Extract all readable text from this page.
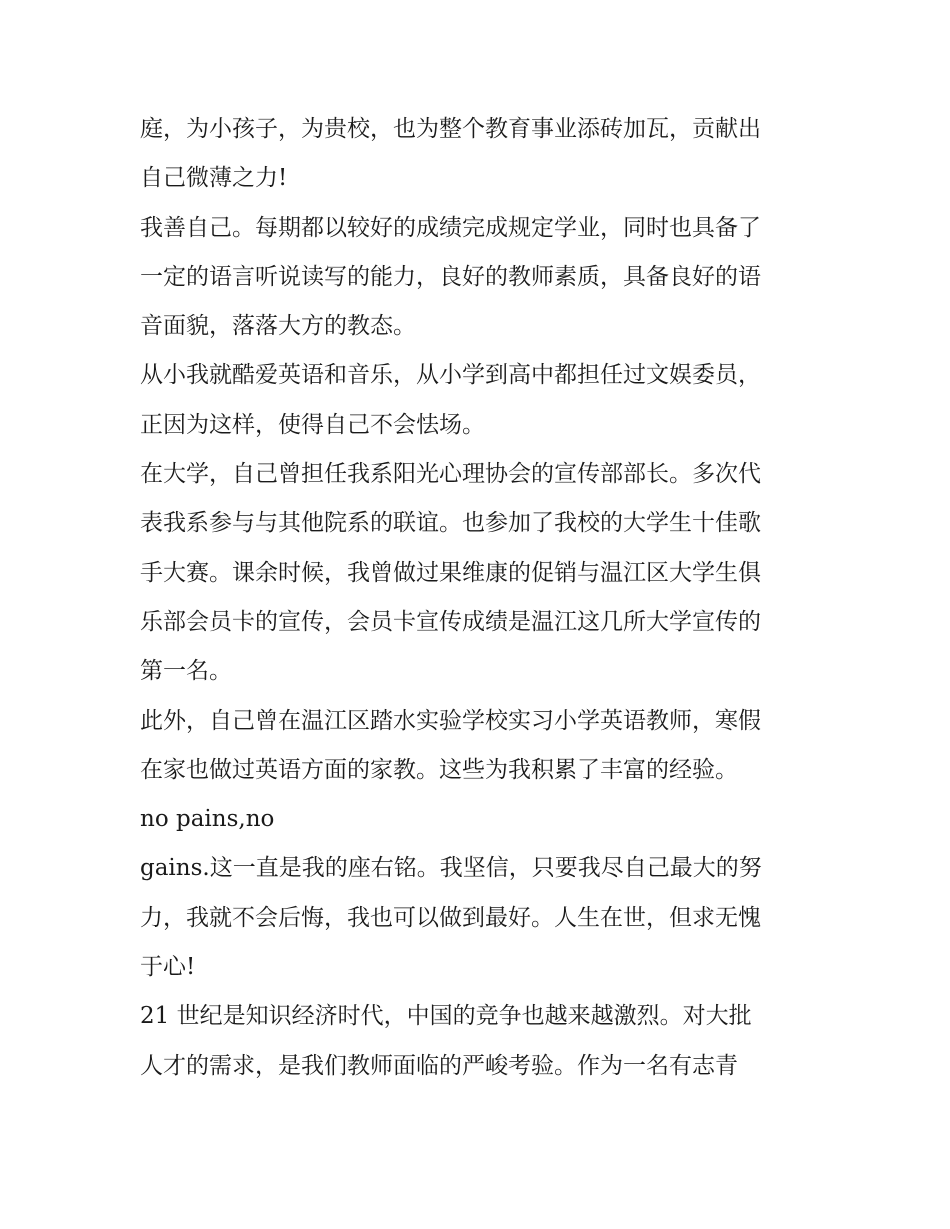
庭，为小孩子，为贵校，也为整个教育事业添砖加瓦，贡献出
自己微薄之力!
我善自己。每期都以较好的成绩完成规定学业，同时也具备了
一定的语言听说读写的能力，良好的教师素质，具备良好的语
音面貌，落落大方的教态。
从小我就酷爱英语和音乐，从小学到高中都担任过文娱委员，
正因为这样，使得自己不会怯场。
在大学，自己曾担任我系阳光心理协会的宣传部部长。多次代
表我系参与与其他院系的联谊。也参加了我校的大学生十佳歌
手大赛。课余时候，我曾做过果维康的促销与温江区大学生俱
乐部会员卡的宣传，会员卡宣传成绩是温江这几所大学宣传的
第一名。
此外，自己曾在温江区踏水实验学校实习小学英语教师，寒假
在家也做过英语方面的家教。这些为我积累了丰富的经验。
no pains,no
gains.这一直是我的座右铭。我坚信，只要我尽自己最大的努
力，我就不会后悔，我也可以做到最好。人生在世，但求无愧
于心!
21 世纪是知识经济时代，中国的竞争也越来越激烈。对大批
人才的需求，是我们教师面临的严峻考验。作为一名有志青
